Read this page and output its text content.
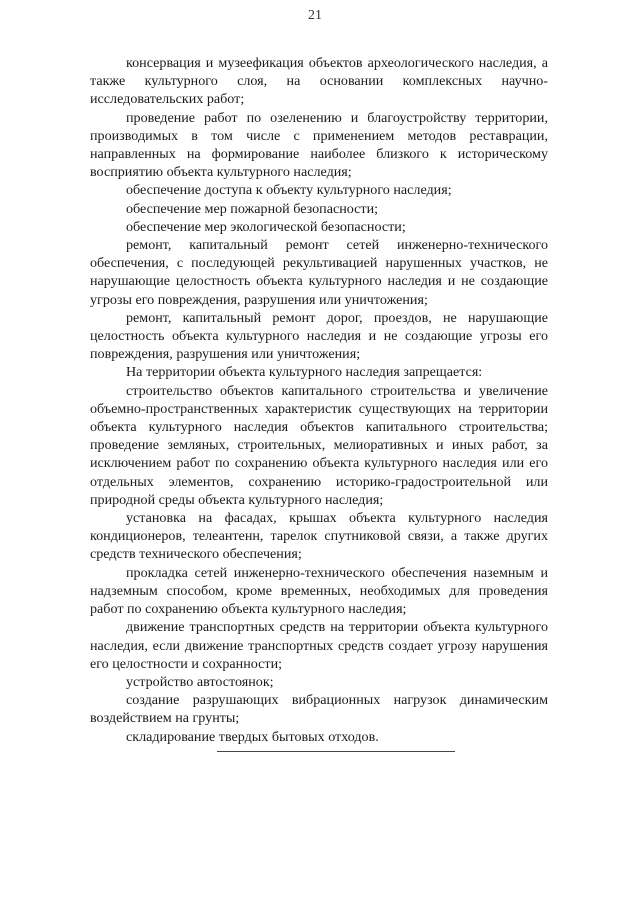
21

консервация и музеефикация объектов археологического наследия, а также культурного слоя, на основании комплексных научно-исследовательских работ;

проведение работ по озеленению и благоустройству территории, производимых в том числе с применением методов реставрации, направленных на формирование наиболее близкого к историческому восприятию объекта культурного наследия;

обеспечение доступа к объекту культурного наследия;

обеспечение мер пожарной безопасности;

обеспечение мер экологической безопасности;

ремонт, капитальный ремонт сетей инженерно-технического обеспечения, с последующей рекультивацией нарушенных участков, не нарушающие целостность объекта культурного наследия и не создающие угрозы его повреждения, разрушения или уничтожения;

ремонт, капитальный ремонт дорог, проездов, не нарушающие целостность объекта культурного наследия и не создающие угрозы его повреждения, разрушения или уничтожения;

На территории объекта культурного наследия запрещается:

строительство объектов капитального строительства и увеличение объемно-пространственных характеристик существующих на территории объекта культурного наследия объектов капитального строительства; проведение земляных, строительных, мелиоративных и иных работ, за исключением работ по сохранению объекта культурного наследия или его отдельных элементов, сохранению историко-градостроительной или природной среды объекта культурного наследия;

установка на фасадах, крышах объекта культурного наследия кондиционеров, телеантенн, тарелок спутниковой связи, а также других средств технического обеспечения;

прокладка сетей инженерно-технического обеспечения наземным и надземным способом, кроме временных, необходимых для проведения работ по сохранению объекта культурного наследия;

движение транспортных средств на территории объекта культурного наследия, если движение транспортных средств создает угрозу нарушения его целостности и сохранности;

устройство автостоянок;

создание разрушающих вибрационных нагрузок динамическим воздействием на грунты;

складирование твердых бытовых отходов.
